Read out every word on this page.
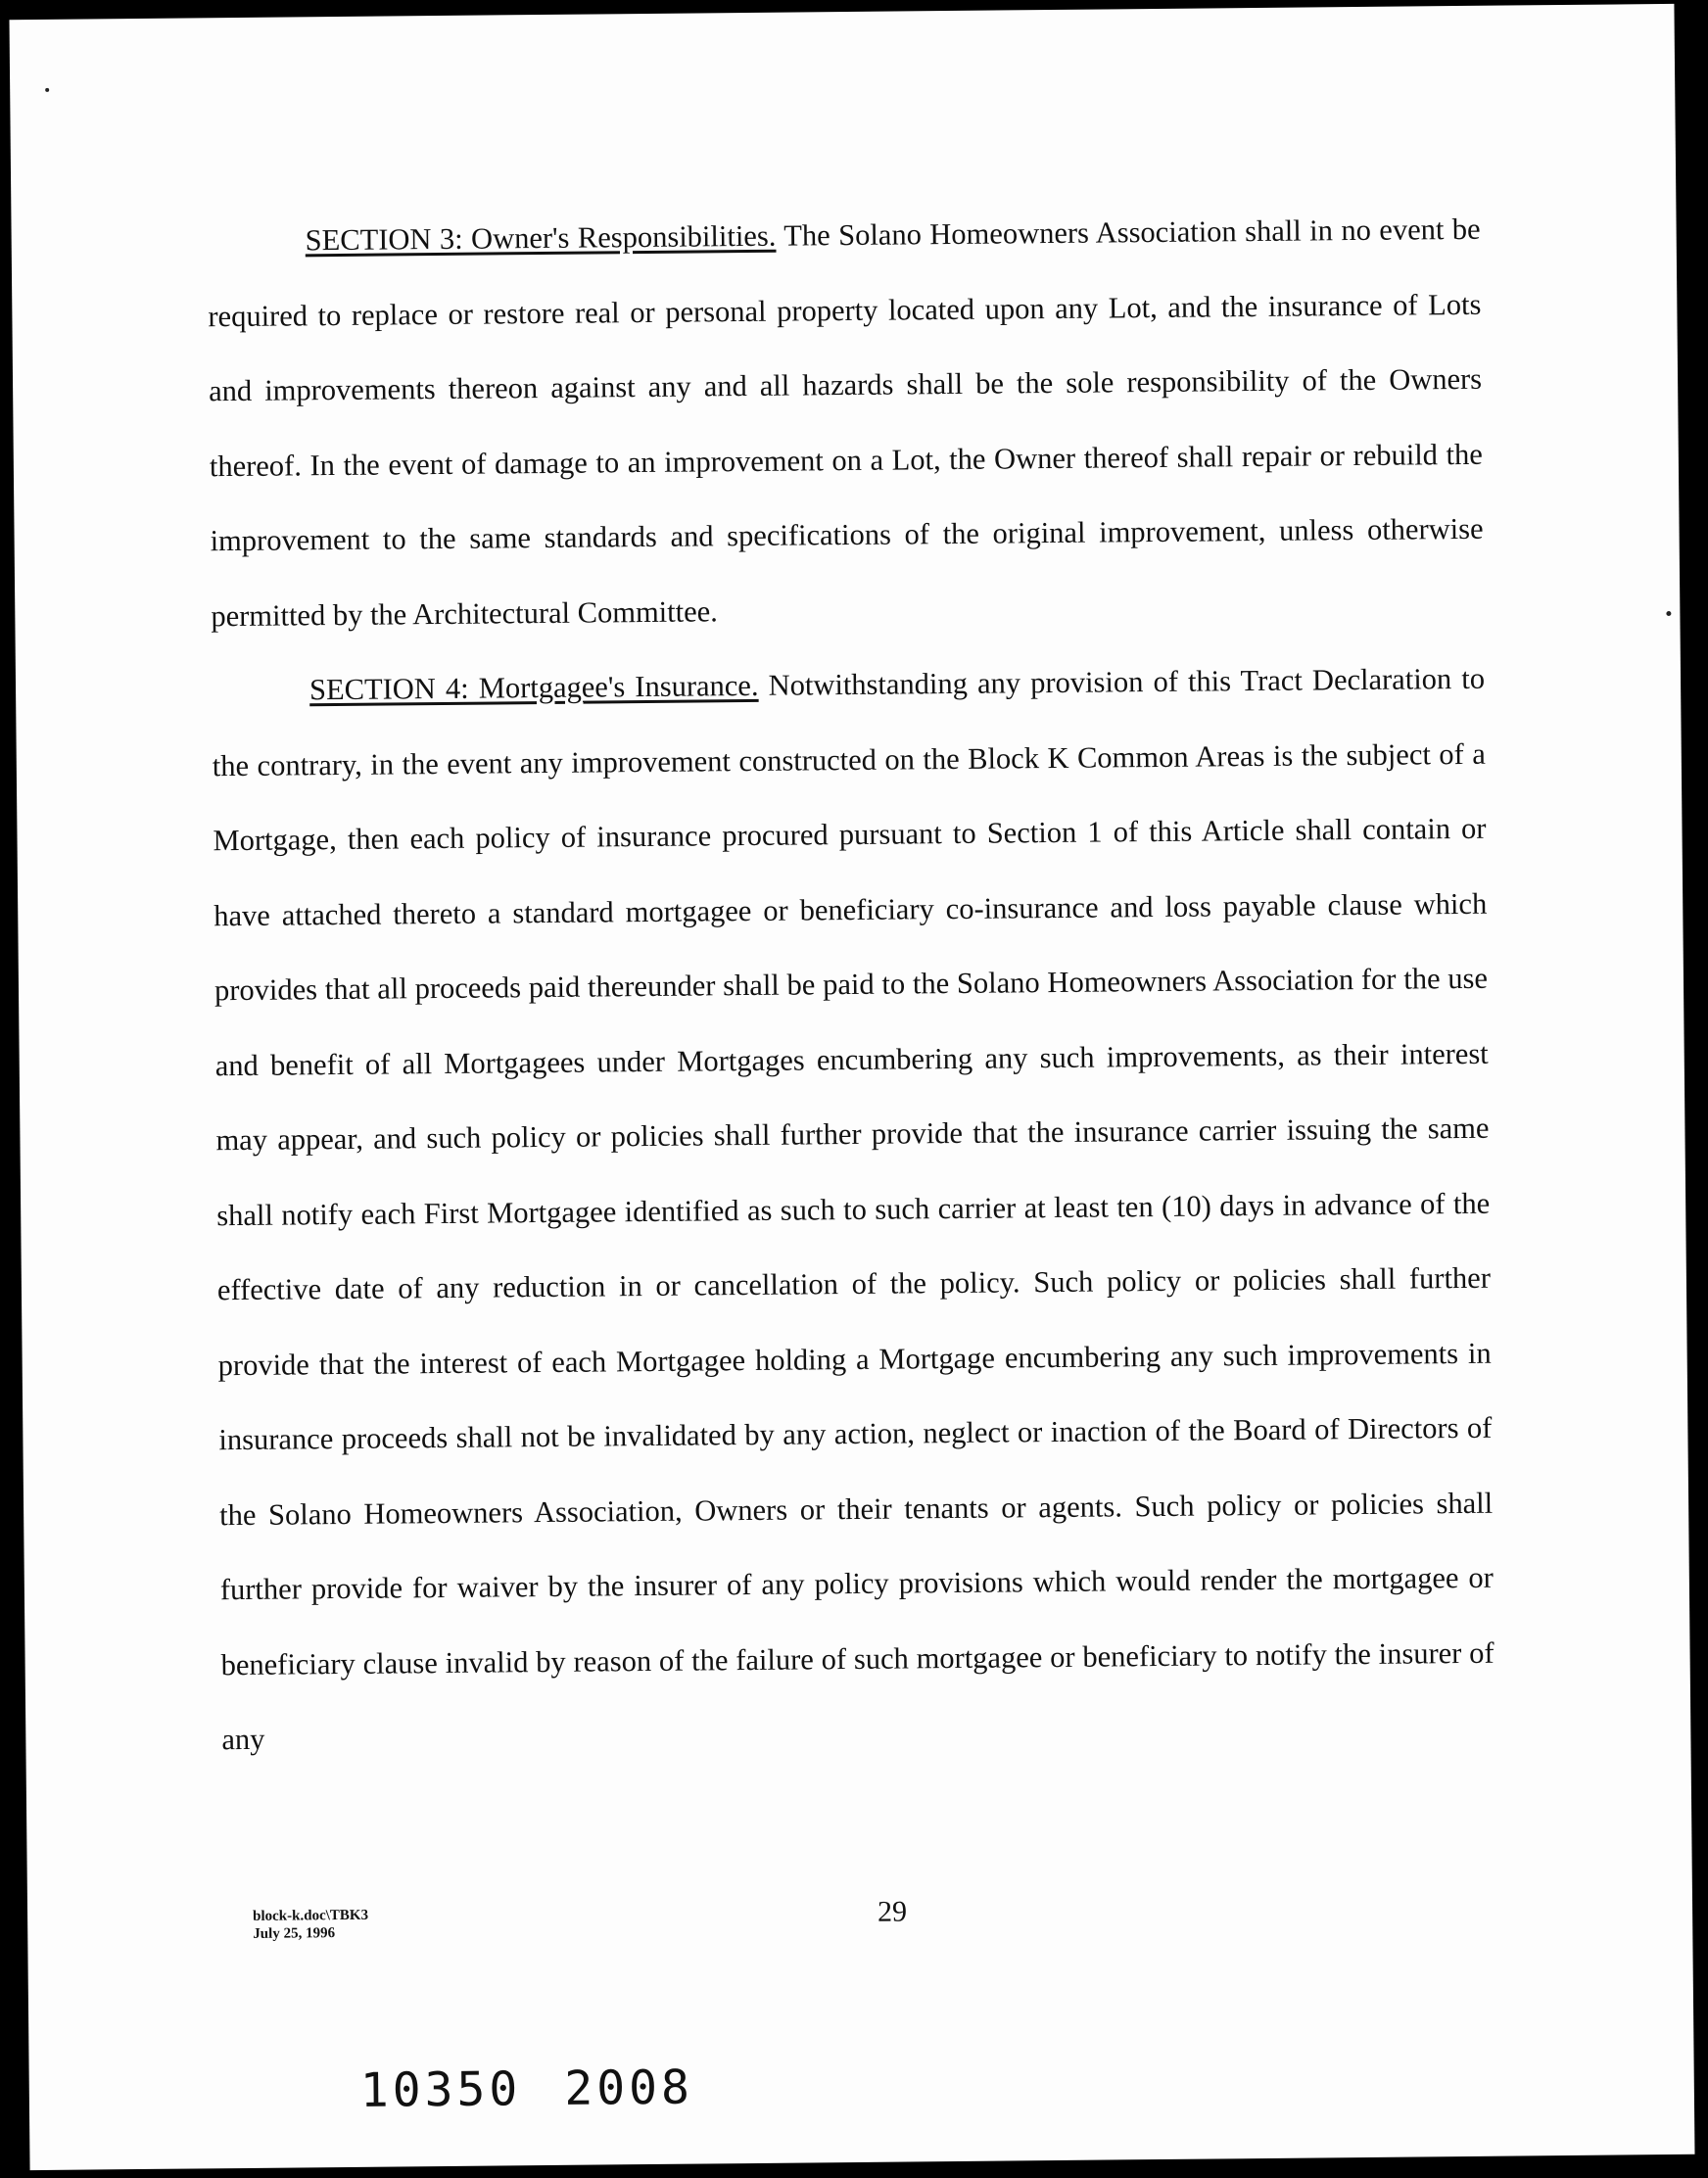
SECTION 3: Owner's Responsibilities. The Solano Homeowners Association shall in no event be required to replace or restore real or personal property located upon any Lot, and the insurance of Lots and improvements thereon against any and all hazards shall be the sole responsibility of the Owners thereof. In the event of damage to an improvement on a Lot, the Owner thereof shall repair or rebuild the improvement to the same standards and specifications of the original improvement, unless otherwise permitted by the Architectural Committee.

SECTION 4: Mortgagee's Insurance. Notwithstanding any provision of this Tract Declaration to the contrary, in the event any improvement constructed on the Block K Common Areas is the subject of a Mortgage, then each policy of insurance procured pursuant to Section 1 of this Article shall contain or have attached thereto a standard mortgagee or beneficiary co-insurance and loss payable clause which provides that all proceeds paid thereunder shall be paid to the Solano Homeowners Association for the use and benefit of all Mortgagees under Mortgages encumbering any such improvements, as their interest may appear, and such policy or policies shall further provide that the insurance carrier issuing the same shall notify each First Mortgagee identified as such to such carrier at least ten (10) days in advance of the effective date of any reduction in or cancellation of the policy. Such policy or policies shall further provide that the interest of each Mortgagee holding a Mortgage encumbering any such improvements in insurance proceeds shall not be invalidated by any action, neglect or inaction of the Board of Directors of the Solano Homeowners Association, Owners or their tenants or agents. Such policy or policies shall further provide for waiver by the insurer of any policy provisions which would render the mortgagee or beneficiary clause invalid by reason of the failure of such mortgagee or beneficiary to notify the insurer of any

block-k.doc\TBK3
July 25, 1996
29
10350 2008
